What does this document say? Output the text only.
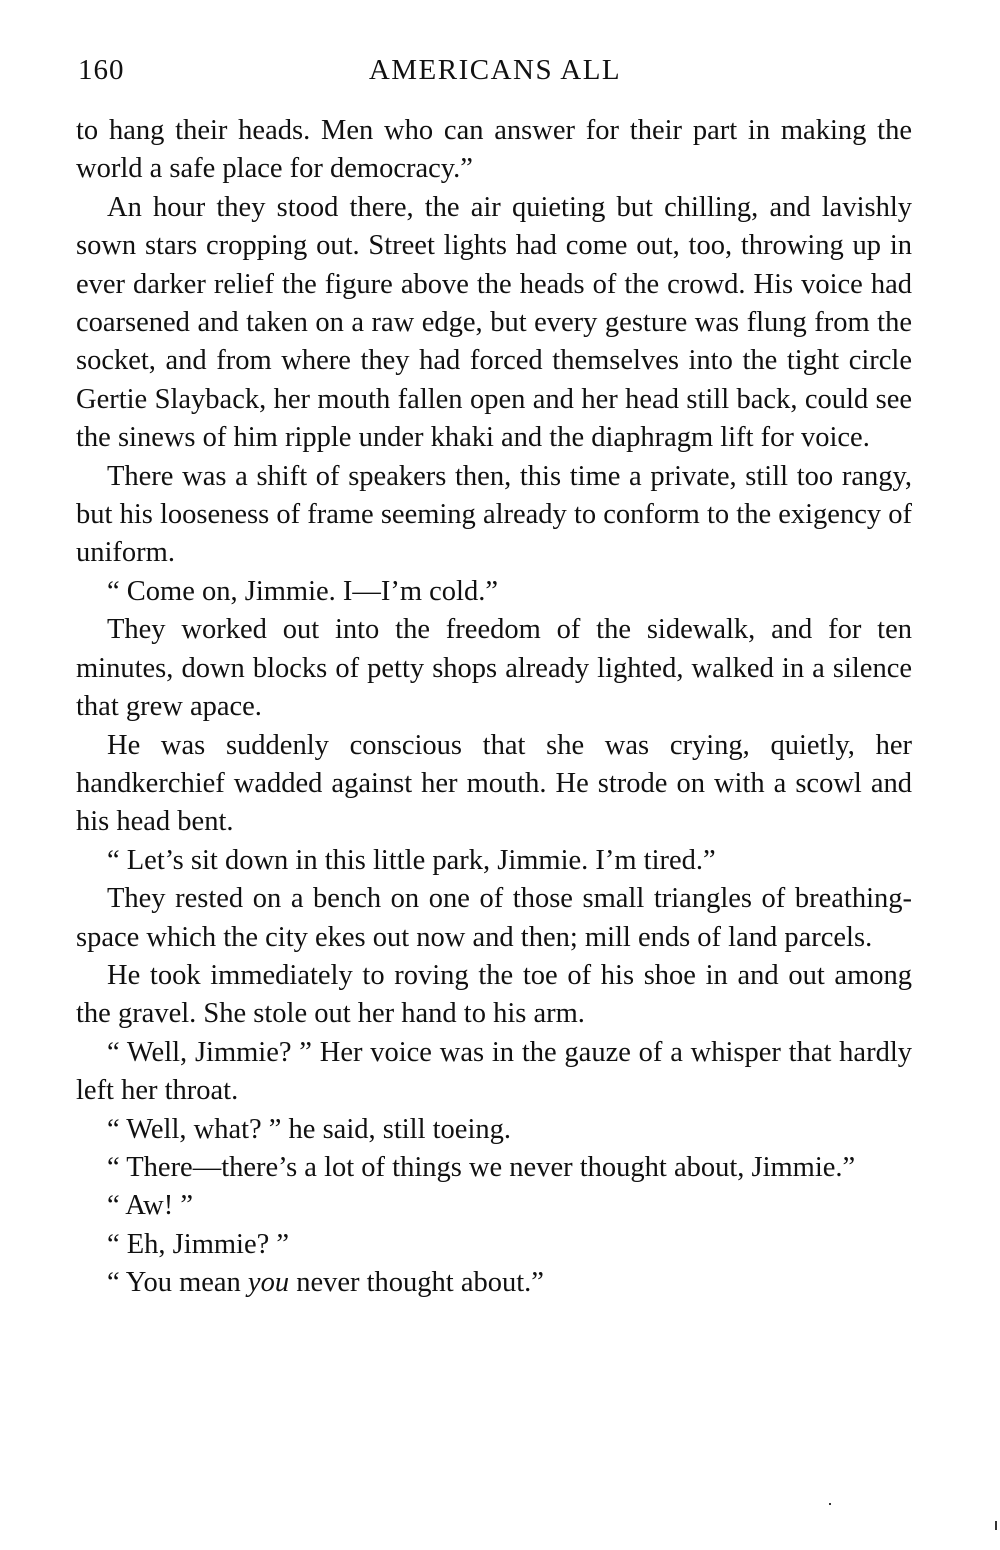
160	AMERICANS ALL

to hang their heads. Men who can answer for their part in making the world a safe place for democracy.”

An hour they stood there, the air quieting but chilling, and lavishly sown stars cropping out. Street lights had come out, too, throwing up in ever darker relief the figure above the heads of the crowd. His voice had coarsened and taken on a raw edge, but every gesture was flung from the socket, and from where they had forced themselves into the tight circle Gertie Slayback, her mouth fallen open and her head still back, could see the sinews of him ripple under khaki and the diaphragm lift for voice.

There was a shift of speakers then, this time a private, still too rangy, but his looseness of frame seeming already to conform to the exigency of uniform.

“ Come on, Jimmie. I—I’m cold.”

They worked out into the freedom of the sidewalk, and for ten minutes, down blocks of petty shops already lighted, walked in a silence that grew apace.

He was suddenly conscious that she was crying, quietly, her handkerchief wadded against her mouth. He strode on with a scowl and his head bent.

“ Let’s sit down in this little park, Jimmie. I’m tired.”

They rested on a bench on one of those small triangles of breathing-space which the city ekes out now and then; mill ends of land parcels.

He took immediately to roving the toe of his shoe in and out among the gravel. She stole out her hand to his arm.

“ Well, Jimmie? ” Her voice was in the gauze of a whisper that hardly left her throat.

“ Well, what? ” he said, still toeing.

“ There—there’s a lot of things we never thought about, Jimmie.”

“ Aw! ”

“ Eh, Jimmie? ”

“ You mean you never thought about.”
